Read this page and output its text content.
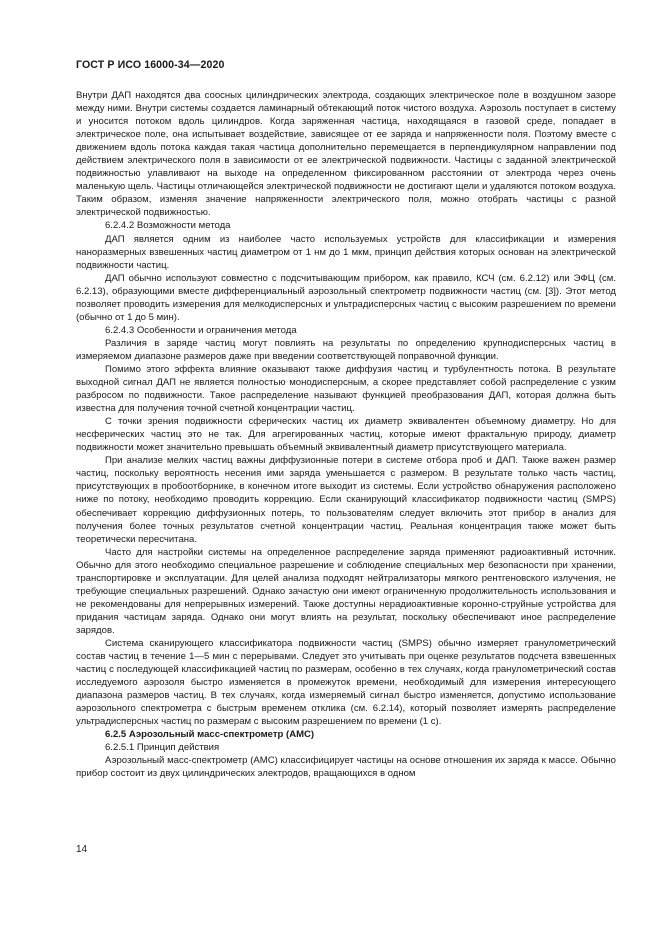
ГОСТ Р ИСО 16000-34—2020

Внутри ДАП находятся два соосных цилиндрических электрода, создающих электрическое поле в воздушном зазоре между ними. Внутри системы создается ламинарный обтекающий поток чистого воздуха. Аэрозоль поступает в систему и уносится потоком вдоль цилиндров. Когда заряженная частица, находящаяся в газовой среде, попадает в электрическое поле, она испытывает воздействие, зависящее от ее заряда и напряженности поля. Поэтому вместе с движением вдоль потока каждая такая частица дополнительно перемещается в перпендикулярном направлении под действием электрического поля в зависимости от ее электрической подвижности. Частицы с заданной электрической подвижностью улавливают на выходе на определенном фиксированном расстоянии от электрода через очень маленькую щель. Частицы отличающейся электрической подвижности не достигают щели и удаляются потоком воздуха. Таким образом, изменяя значение напряженности электрического поля, можно отобрать частицы с разной электрической подвижностью.

6.2.4.2 Возможности метода

ДАП является одним из наиболее часто используемых устройств для классификации и измерения наноразмерных взвешенных частиц диаметром от 1 нм до 1 мкм, принцип действия которых основан на электрической подвижности частиц.

ДАП обычно используют совместно с подсчитывающим прибором, как правило, КСЧ (см. 6.2.12) или ЭФЦ (см. 6.2.13), образующими вместе дифференциальный аэрозольный спектрометр подвижности частиц (см. [3]). Этот метод позволяет проводить измерения для мелкодисперсных и ультрадисперсных частиц с высоким разрешением по времени (обычно от 1 до 5 мин).

6.2.4.3 Особенности и ограничения метода

Различия в заряде частиц могут повлиять на результаты по определению крупнодисперсных частиц в измеряемом диапазоне размеров даже при введении соответствующей поправочной функции.

Помимо этого эффекта влияние оказывают также диффузия частиц и турбулентность потока. В результате выходной сигнал ДАП не является полностью монодисперсным, а скорее представляет собой распределение с узким разбросом по подвижности. Такое распределение называют функцией преобразования ДАП, которая должна быть известна для получения точной счетной концентрации частиц.

С точки зрения подвижности сферических частиц их диаметр эквивалентен объемному диаметру. Но для несферических частиц это не так. Для агрегированных частиц, которые имеют фрактальную природу, диаметр подвижности может значительно превышать объемный эквивалентный диаметр присутствующего материала.

При анализе мелких частиц важны диффузионные потери в системе отбора проб и ДАП. Также важен размер частиц, поскольку вероятность несения ими заряда уменьшается с размером. В результате только часть частиц, присутствующих в пробоотборнике, в конечном итоге выходит из системы. Если устройство обнаружения расположено ниже по потоку, необходимо проводить коррекцию. Если сканирующий классификатор подвижности частиц (SMPS) обеспечивает коррекцию диффузионных потерь, то пользователям следует включить этот прибор в анализ для получения более точных результатов счетной концентрации частиц. Реальная концентрация также может быть теоретически пересчитана.

Часто для настройки системы на определенное распределение заряда применяют радиоактивный источник. Обычно для этого необходимо специальное разрешение и соблюдение специальных мер безопасности при хранении, транспортировке и эксплуатации. Для целей анализа подходят нейтрализаторы мягкого рентгеновского излучения, не требующие специальных разрешений. Однако зачастую они имеют ограниченную продолжительность использования и не рекомендованы для непрерывных измерений. Также доступны нерадиоактивные коронно-струйные устройства для придания частицам заряда. Однако они могут влиять на результат, поскольку обеспечивают иное распределение зарядов.

Система сканирующего классификатора подвижности частиц (SMPS) обычно измеряет гранулометрический состав частиц в течение 1—5 мин с перерывами. Следует это учитывать при оценке результатов подсчета взвешенных частиц с последующей классификацией частиц по размерам, особенно в тех случаях, когда гранулометрический состав исследуемого аэрозоля быстро изменяется в промежуток времени, необходимый для измерения интересующего диапазона размеров частиц. В тех случаях, когда измеряемый сигнал быстро изменяется, допустимо использование аэрозольного спектрометра с быстрым временем отклика (см. 6.2.14), который позволяет измерять распределение ультрадисперсных частиц по размерам с высоким разрешением по времени (1 с).

6.2.5 Аэрозольный масс-спектрометр (АМС)

6.2.5.1 Принцип действия

Аэрозольный масс-спектрометр (АМС) классифицирует частицы на основе отношения их заряда к массе. Обычно прибор состоит из двух цилиндрических электродов, вращающихся в одном

14
